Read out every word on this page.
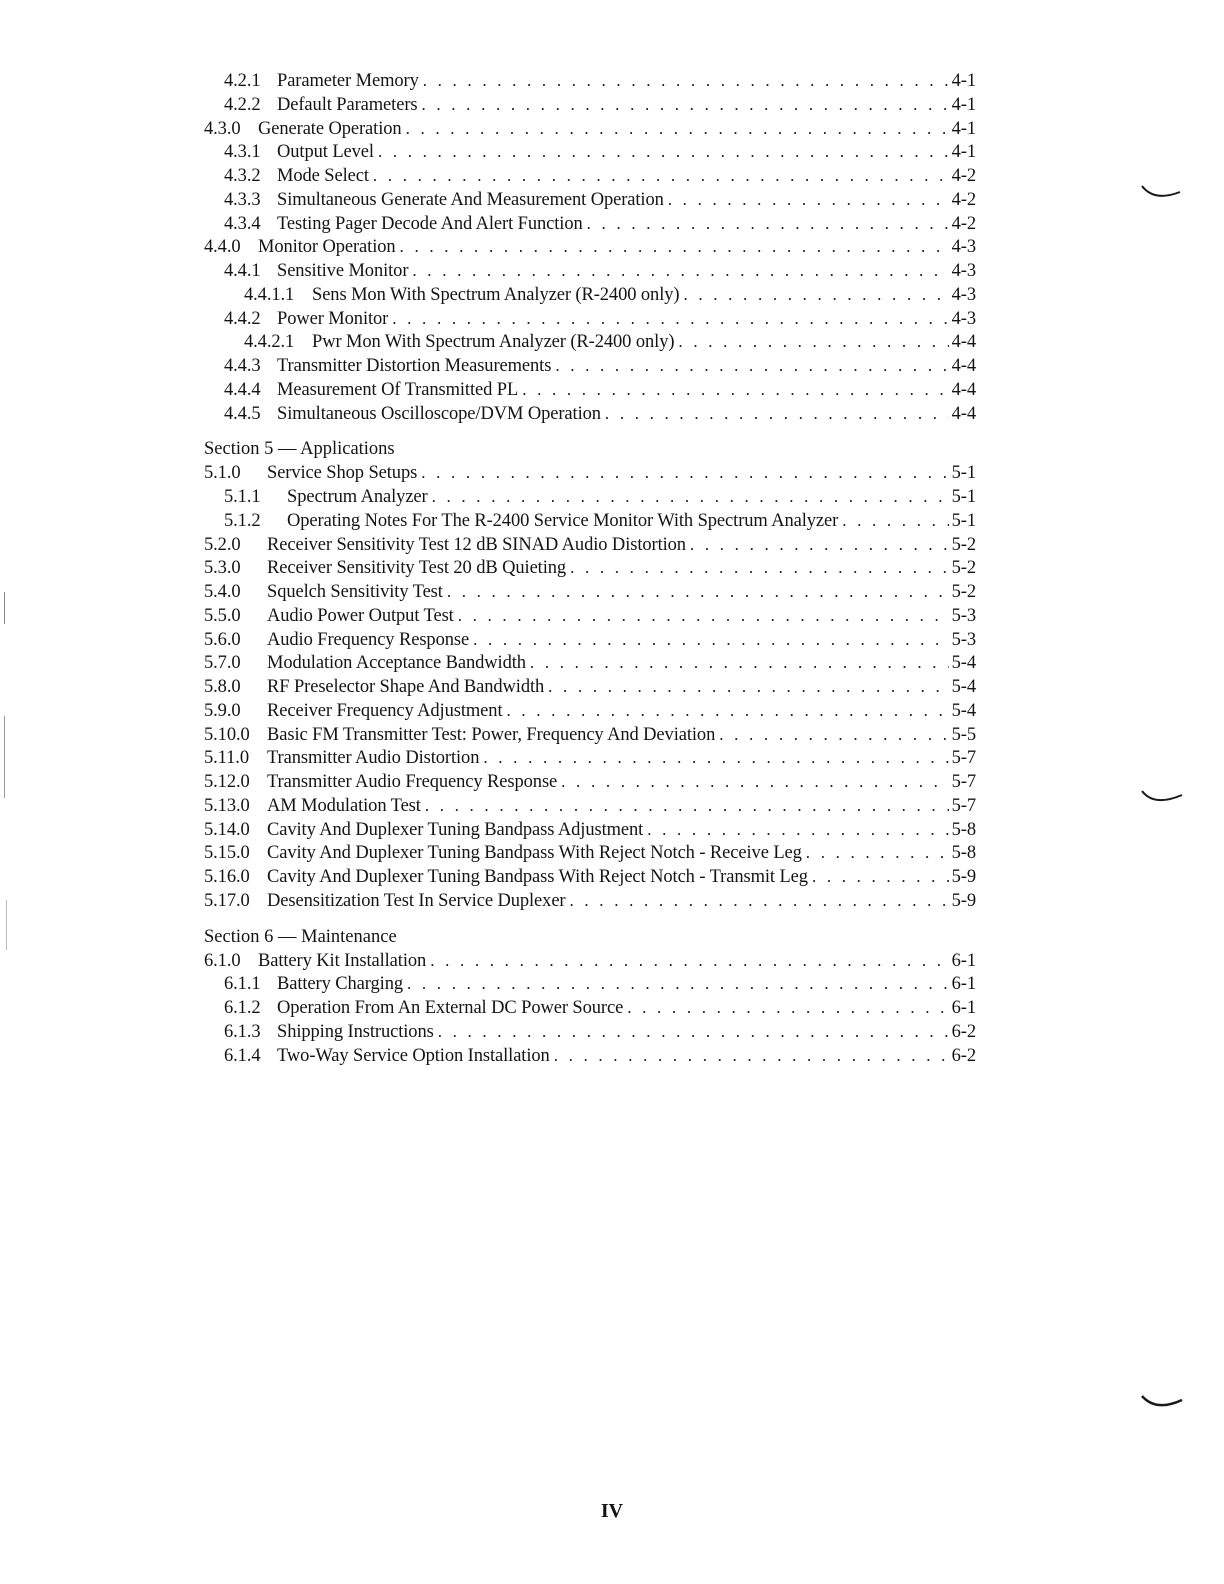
4.2.1 Parameter Memory . . .	4-1
4.2.2 Default Parameters . . .	4-1
4.3.0 Generate Operation . . .	4-1
4.3.1 Output Level . . .	4-1
4.3.2 Mode Select . . .	4-2
4.3.3 Simultaneous Generate And Measurement Operation . . .	4-2
4.3.4 Testing Pager Decode And Alert Function . . .	4-2
4.4.0 Monitor Operation . . .	4-3
4.4.1 Sensitive Monitor . . .	4-3
4.4.1.1 Sens Mon With Spectrum Analyzer (R-2400 only) . . .	4-3
4.4.2 Power Monitor . . .	4-3
4.4.2.1 Pwr Mon With Spectrum Analyzer (R-2400 only) . . .	4-4
4.4.3 Transmitter Distortion Measurements . . .	4-4
4.4.4 Measurement Of Transmitted PL . . .	4-4
4.4.5 Simultaneous Oscilloscope/DVM Operation . . .	4-4
Section 5 — Applications
5.1.0	Service Shop Setups . . .	5-1
5.1.1	Spectrum Analyzer . . .	5-1
5.1.2	Operating Notes For The R-2400 Service Monitor With Spectrum Analyzer . . .	5-1
5.2.0	Receiver Sensitivity Test 12 dB SINAD Audio Distortion . . .	5-2
5.3.0	Receiver Sensitivity Test 20 dB Quieting . . .	5-2
5.4.0	Squelch Sensitivity Test . . .	5-2
5.5.0	Audio Power Output Test . . .	5-3
5.6.0	Audio Frequency Response . . .	5-3
5.7.0	Modulation Acceptance Bandwidth . . .	5-4
5.8.0	RF Preselector Shape And Bandwidth . . .	5-4
5.9.0	Receiver Frequency Adjustment . . .	5-4
5.10.0 Basic FM Transmitter Test: Power, Frequency And Deviation . . .	5-5
5.11.0 Transmitter Audio Distortion . . .	5-7
5.12.0 Transmitter Audio Frequency Response . . .	5-7
5.13.0 AM Modulation Test . . .	5-7
5.14.0 Cavity And Duplexer Tuning Bandpass Adjustment . . .	5-8
5.15.0 Cavity And Duplexer Tuning Bandpass With Reject Notch - Receive Leg . . .	5-8
5.16.0 Cavity And Duplexer Tuning Bandpass With Reject Notch - Transmit Leg . . .	5-9
5.17.0 Desensitization Test In Service Duplexer . . .	5-9
Section 6 — Maintenance
6.1.0 Battery Kit Installation . . .	6-1
6.1.1 Battery Charging . . .	6-1
6.1.2 Operation From An External DC Power Source . . .	6-1
6.1.3 Shipping Instructions . . .	6-2
6.1.4 Two-Way Service Option Installation . . .	6-2
IV
